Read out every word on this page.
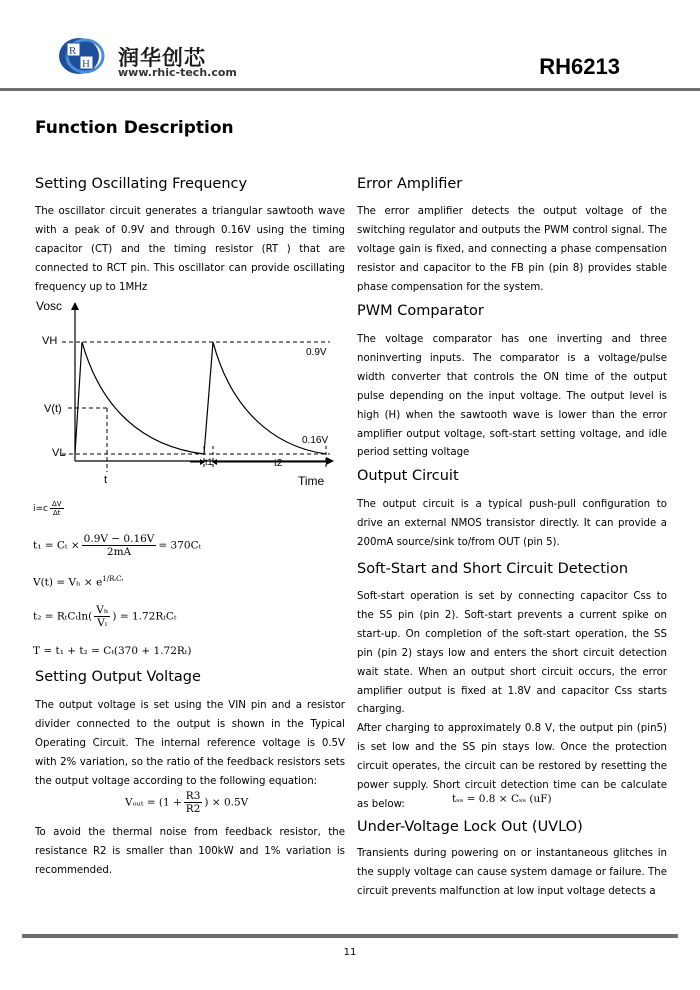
R
H 润华创芯
www.rhic-tech.com	RH6213
Function Description
Setting Oscillating Frequency

The oscillator circuit generates a triangular sawtooth wave with a peak of 0.9V and through 0.16V using the timing capacitor (CT) and the timing resistor (RT ) that are connected to RCT pin. This oscillator can provide oscillating frequency up to 1MHz

Vosc
VH
V(t)
VL
0.9V
0.16V
t
t1	t2
Time
$i=c \frac{\Delta V}{\Delta t}$
$t_1 = C_t \times \frac{0.9V - 0.16V}{2mA} = 370C_t$
$V(t) = V_h \times e^{1/R_tC_t}$
$t_2 = R_tC_t\ln( \frac{\text{Vₕ}}{\text{Vₗ}}$ ) = 1.72RₜCₜ
T = t₁ + t₂ = Cₜ(370 + 1.72Rₜ)
Setting Output Voltage

The output voltage is set using the VIN pin and a resistor divider connected to the output is shown in the Typical Operating Circuit. The internal reference voltage is 0.5V with 2% variation, so the ratio of the feedback resistors sets the output voltage according to the following equation:

Vₒᵤₜ = ($1 + \frac{R3}{R2}$ ) × 0.5V

To avoid the thermal noise from feedback resistor, the resistance R2 is smaller than 100kW and 1% variation is recommended.

Error Amplifier

The error amplifier detects the output voltage of the switching regulator and outputs the PWM control signal. The voltage gain is fixed, and connecting a phase compensation resistor and capacitor to the FB pin (pin 8) provides stable phase compensation for the system.

PWM Comparator

The voltage comparator has one inverting and three noninverting inputs. The comparator is a voltage/pulse width converter that controls the ON time of the output pulse depending on the input voltage. The output level is high (H) when the sawtooth wave is lower than the error amplifier output voltage, soft-start setting voltage, and idle period setting voltage

Output Circuit

The output circuit is a typical push-pull configuration to drive an external NMOS transistor directly. It can provide a 200mA source/sink to/from OUT (pin 5).

Soft-Start and Short Circuit Detection

Soft-start operation is set by connecting capacitor Css to the SS pin (pin 2). Soft-start prevents a current spike on start-up. On completion of the soft-start operation, the SS pin (pin 2) stays low and enters the short circuit detection wait state. When an output short circuit occurs, the error amplifier output is fixed at 1.8V and capacitor Css starts charging.

After charging to approximately 0.8 V, the output pin (pin5) is set low and the SS pin stays low. Once the protection circuit operates, the circuit can be restored by resetting the power supply. Short circuit detection time can be calculate as below:	tₛₛ = 0.8 × Cₛₛ (uF)
Under-Voltage Lock Out (UVLO)

Transients during powering on or instantaneous glitches in the supply voltage can cause system damage or failure. The circuit prevents malfunction at low input voltage detects a

11
